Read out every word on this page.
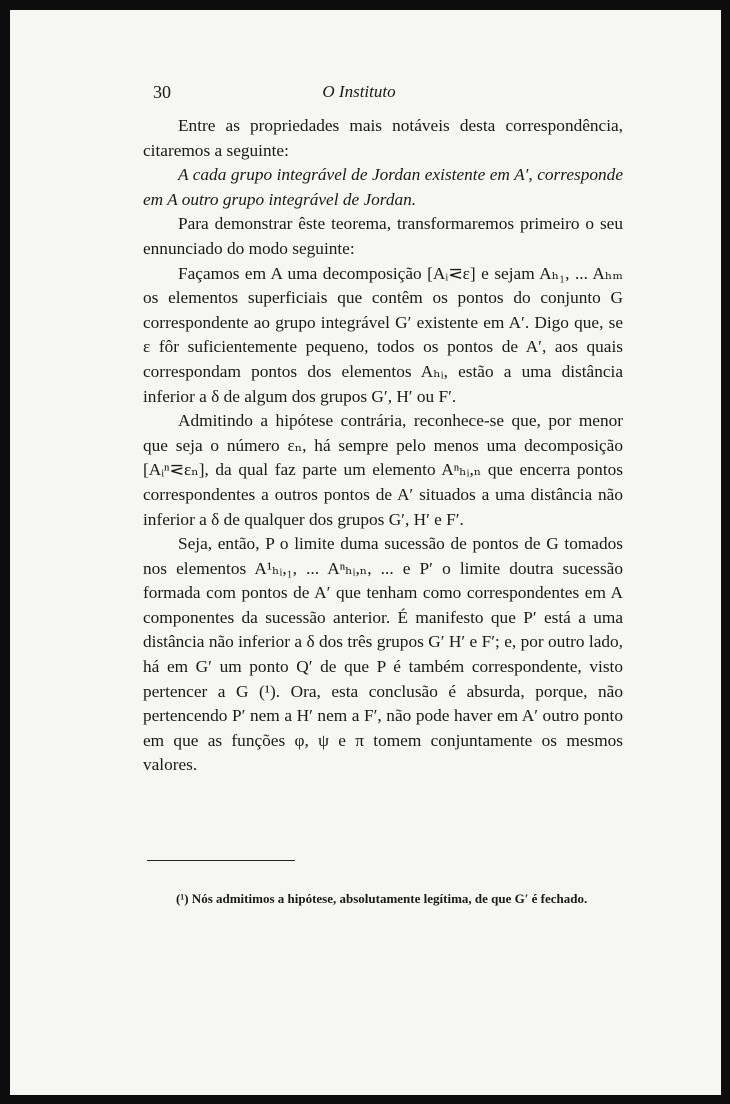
30	O Instituto

Entre as propriedades mais notáveis desta correspondência, citaremos a seguinte:

A cada grupo integrável de Jordan existente em A′, corresponde em A outro grupo integrável de Jordan.

Para demonstrar êste teorema, transformaremos primeiro o seu ennunciado do modo seguinte:

Façamos em A uma decomposição [Aᵢ⋜ε] e sejam Aₕ₁, ... Aₕₘ os elementos superficiais que contêm os pontos do conjunto G correspondente ao grupo integrável G′ existente em A′. Digo que, se ε fôr suficientemente pequeno, todos os pontos de A′, aos quais correspondam pontos dos elementos Aₕᵢ, estão a uma distância inferior a δ de algum dos grupos G′, H′ ou F′.

Admitindo a hipótese contrária, reconhece-se que, por menor que seja o número εₙ, há sempre pelo menos uma decomposição [Aᵢⁿ⋜εₙ], da qual faz parte um elemento Aⁿₕᵢ,ₙ que encerra pontos correspondentes a outros pontos de A′ situados a uma distância não inferior a δ de qualquer dos grupos G′, H′ e F′.

Seja, então, P o limite duma sucessão de pontos de G tomados nos elementos A¹ₕᵢ,₁, ... Aⁿₕᵢ,ₙ, ... e P′ o limite doutra sucessão formada com pontos de A′ que tenham como correspondentes em A componentes da sucessão anterior. É manifesto que P′ está a uma distância não inferior a δ dos três grupos G′ H′ e F′; e, por outro lado, há em G′ um ponto Q′ de que P é também correspondente, visto pertencer a G (¹). Ora, esta conclusão é absurda, porque, não pertencendo P′ nem a H′ nem a F′, não pode haver em A′ outro ponto em que as funções φ, ψ e π tomem conjuntamente os mesmos valores.

(¹) Nós admitimos a hipótese, absolutamente legítima, de que G′ é fechado.
